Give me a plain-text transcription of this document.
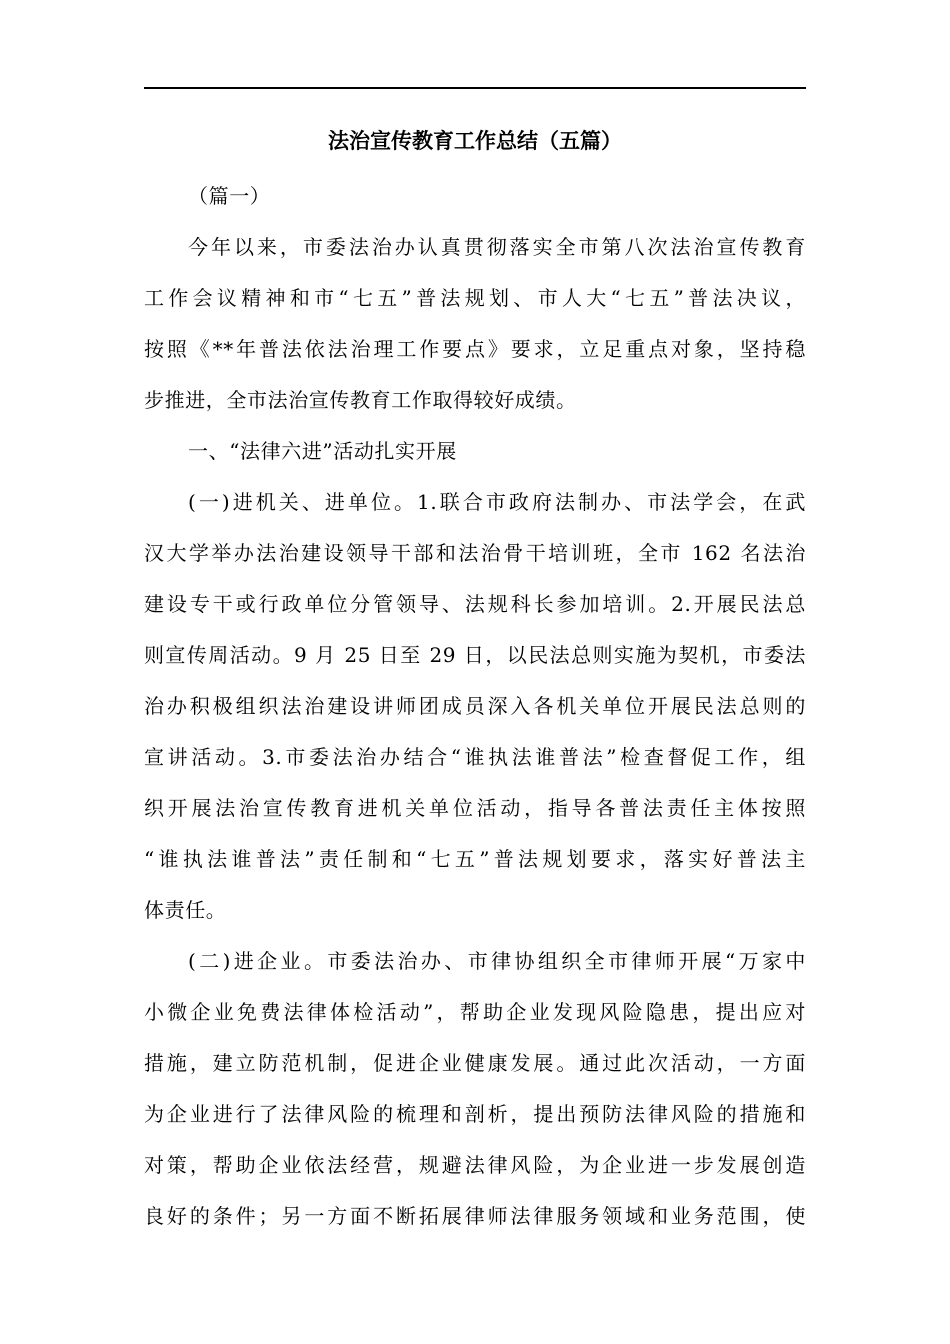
法治宣传教育工作总结（五篇）
（篇一）
今年以来，市委法治办认真贯彻落实全市第八次法治宣传教育
工作会议精神和市“七五”普法规划、市人大“七五”普法决议，
按照《**年普法依法治理工作要点》要求，立足重点对象，坚持稳
步推进，全市法治宣传教育工作取得较好成绩。
一、“法律六进”活动扎实开展
(一)进机关、进单位。1.联合市政府法制办、市法学会，在武
汉大学举办法治建设领导干部和法治骨干培训班，全市 162 名法治
建设专干或行政单位分管领导、法规科长参加培训。2.开展民法总
则宣传周活动。9 月 25 日至 29 日，以民法总则实施为契机，市委法
治办积极组织法治建设讲师团成员深入各机关单位开展民法总则的
宣讲活动。3.市委法治办结合“谁执法谁普法”检查督促工作，组
织开展法治宣传教育进机关单位活动，指导各普法责任主体按照
“谁执法谁普法”责任制和“七五”普法规划要求，落实好普法主
体责任。
(二)进企业。市委法治办、市律协组织全市律师开展“万家中
小微企业免费法律体检活动”，帮助企业发现风险隐患，提出应对
措施，建立防范机制，促进企业健康发展。通过此次活动，一方面
为企业进行了法律风险的梳理和剖析，提出预防法律风险的措施和
对策，帮助企业依法经营，规避法律风险，为企业进一步发展创造
良好的条件；另一方面不断拓展律师法律服务领域和业务范围，使
